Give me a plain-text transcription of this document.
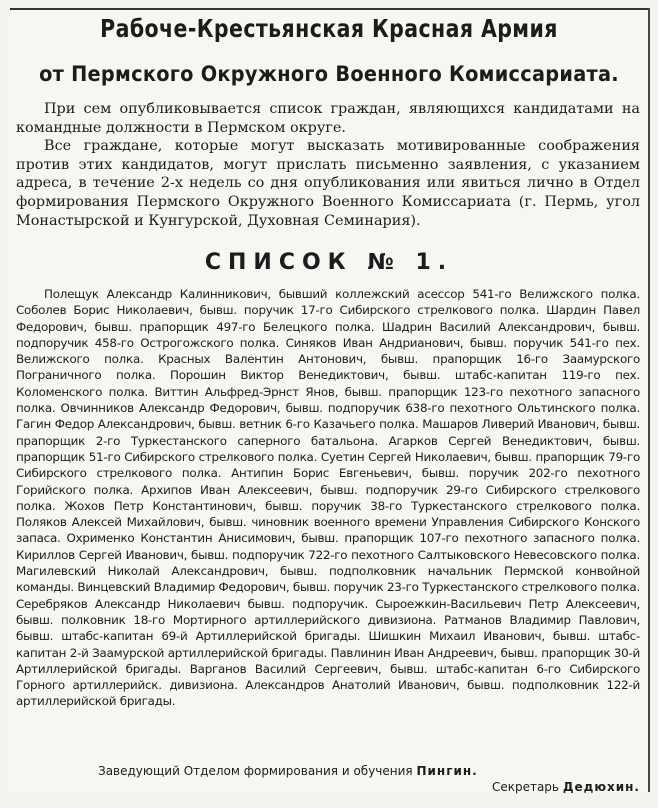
Рабоче-Крестьянская Красная Армия
от Пермского Окружного Военного Комиссариата.

При сем опубликовывается список граждан, являющихся кандидатами на командные должности в Пермском округе.

Все граждане, которые могут высказать мотивированные соображения против этих кандидатов, могут прислать письменно заявления, с указанием адреса, в течение 2-х недель со дня опубликования или явиться лично в Отдел формирования Пермского Окружного Военного Комиссариата (г. Пермь, угол Монастырской и Кунгурской, Духовная Семинария).

СПИСОК № 1.

Полещук Александр Калинникович, бывший коллежский асессор 541-го Велижского полка. Соболев Борис Николаевич, бывш. поручик 17-го Сибирского стрелкового полка. Шардин Павел Федорович, бывш. прапорщик 497-го Белецкого полка. Шадрин Василий Александрович, бывш. подпоручик 458-го Острогожского полка. Синяков Иван Андрианович, бывш. поручик 541-го пех. Велижского полка. Красных Валентин Антонович, бывш. прапорщик 16-го Заамурского Пограничного полка. Порошин Виктор Венедиктович, бывш. штабс-капитан 119-го пех. Коломенского полка. Виттин Альфред-Эрнст Янов, бывш. прапорщик 123-го пехотного запасного полка. Овчинников Александр Федорович, бывш. подпоручик 638-го пехотного Ольтинского полка. Гагин Федор Александрович, бывш. ветник 6-го Казачьего полка. Машаров Ливерий Иванович, бывш. прапорщик 2-го Туркестанского саперного батальона. Агарков Сергей Венедиктович, бывш. прапорщик 51-го Сибирского стрелкового полка. Суетин Сергей Николаевич, бывш. прапорщик 79-го Сибирского стрелкового полка. Антипин Борис Евгеньевич, бывш. поручик 202-го пехотного Горийского полка. Архипов Иван Алексеевич, бывш. подпоручик 29-го Сибирского стрелкового полка. Жохов Петр Константинович, бывш. поручик 38-го Туркестанского стрелкового полка. Поляков Алексей Михайлович, бывш. чиновник военного времени Управления Сибирского Конского запаса. Охрименко Константин Анисимович, бывш. прапорщик 107-го пехотного запасного полка. Кириллов Сергей Иванович, бывш. подпоручик 722-го пехотного Салтыковского Невесовского полка. Магилевский Николай Александрович, бывш. подполковник начальник Пермской конвойной команды. Винцевский Владимир Федорович, бывш. поручик 23-го Туркестанского стрелкового полка. Серебряков Александр Николаевич бывш. подпоручик. Сыроежкин-Васильевич Петр Алексеевич, бывш. полковник 18-го Мортирного артиллерийского дивизиона. Ратманов Владимир Павлович, бывш. штабс-капитан 69-й Артиллерийской бригады. Шишкин Михаил Иванович, бывш. штабс-капитан 2-й Заамурской артиллерийской бригады. Павлинин Иван Андреевич, бывш. прапорщик 30-й Артиллерийской бригады. Варганов Василий Сергеевич, бывш. штабс-капитан 6-го Сибирского Горного артиллерийск. дивизиона. Александров Анатолий Иванович, бывш. подполковник 122-й артиллерийской бригады.

Заведующий Отделом формирования и обучения Пингин.
Секретарь Дедюхин.
